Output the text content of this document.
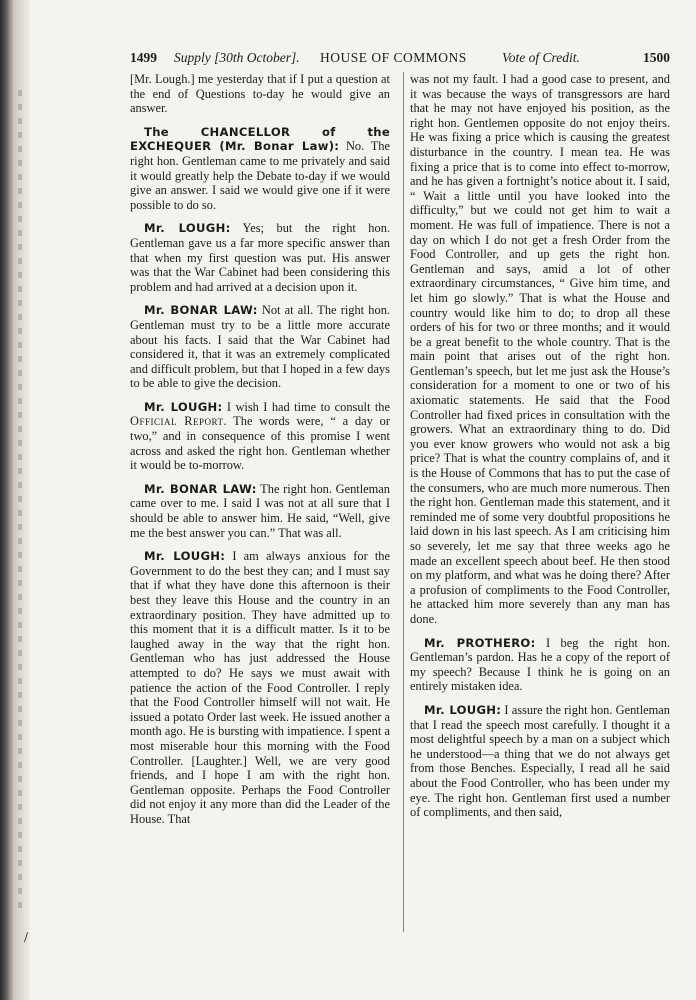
1499 Supply [30th October]. HOUSE OF COMMONS	Vote of Credit.	1500

[Mr. Lough.] me yesterday that if I put a question at the end of Questions to-day he would give an answer.

The CHANCELLOR of the EXCHEQUER (Mr. Bonar Law): No. The right hon. Gentleman came to me privately and said it would greatly help the Debate to-day if we would give an answer. I said we would give one if it were possible to do so.

Mr. LOUGH: Yes; but the right hon. Gentleman gave us a far more specific answer than that when my first question was put. His answer was that the War Cabinet had been considering this problem and had arrived at a decision upon it.

Mr. BONAR LAW: Not at all. The right hon. Gentleman must try to be a little more accurate about his facts. I said that the War Cabinet had considered it, that it was an extremely complicated and difficult problem, but that I hoped in a few days to be able to give the decision.

Mr. LOUGH: I wish I had time to consult the Official Report. The words were, “ a day or two,” and in consequence of this promise I went across and asked the right hon. Gentleman whether it would be to-morrow.

Mr. BONAR LAW: The right hon. Gentleman came over to me. I said I was not at all sure that I should be able to answer him. He said, “Well, give me the best answer you can.” That was all.

Mr. LOUGH: I am always anxious for the Government to do the best they can; and I must say that if what they have done this afternoon is their best they leave this House and the country in an extraordinary position. They have admitted up to this moment that it is a difficult matter. Is it to be laughed away in the way that the right hon. Gentleman who has just addressed the House attempted to do? He says we must await with patience the action of the Food Controller. I reply that the Food Controller himself will not wait. He issued a potato Order last week. He issued another a month ago. He is bursting with impatience. I spent a most miserable hour this morning with the Food Controller. [Laughter.] Well, we are very good friends, and I hope I am with the right hon. Gentleman opposite. Perhaps the Food Controller did not enjoy it any more than did the Leader of the House. That

was not my fault. I had a good case to present, and it was because the ways of transgressors are hard that he may not have enjoyed his position, as the right hon. Gentlemen opposite do not enjoy theirs. He was fixing a price which is causing the greatest disturbance in the country. I mean tea. He was fixing a price that is to come into effect to-morrow, and he has given a fortnight’s notice about it. I said, “ Wait a little until you have looked into the difficulty,” but we could not get him to wait a moment. He was full of impatience. There is not a day on which I do not get a fresh Order from the Food Controller, and up gets the right hon. Gentleman and says, amid a lot of other extraordinary circumstances, “ Give him time, and let him go slowly.” That is what the House and country would like him to do; to drop all these orders of his for two or three months; and it would be a great benefit to the whole country. That is the main point that arises out of the right hon. Gentleman’s speech, but let me just ask the House’s consideration for a moment to one or two of his axiomatic statements. He said that the Food Controller had fixed prices in consultation with the growers. What an extraordinary thing to do. Did you ever know growers who would not ask a big price? That is what the country complains of, and it is the House of Commons that has to put the case of the consumers, who are much more numerous. Then the right hon. Gentleman made this statement, and it reminded me of some very doubtful propositions he laid down in his last speech. As I am criticising him so severely, let me say that three weeks ago he made an excellent speech about beef. He then stood on my platform, and what was he doing there? After a profusion of compliments to the Food Controller, he attacked him more severely than any man has done.

Mr. PROTHERO: I beg the right hon. Gentleman’s pardon. Has he a copy of the report of my speech? Because I think he is going on an entirely mistaken idea.

Mr. LOUGH: I assure the right hon. Gentleman that I read the speech most carefully. I thought it a most delightful speech by a man on a subject which he understood—a thing that we do not always get from those Benches. Especially, I read all he said about the Food Controller, who has been under my eye. The right hon. Gentleman first used a number of compliments, and then said,

∕
